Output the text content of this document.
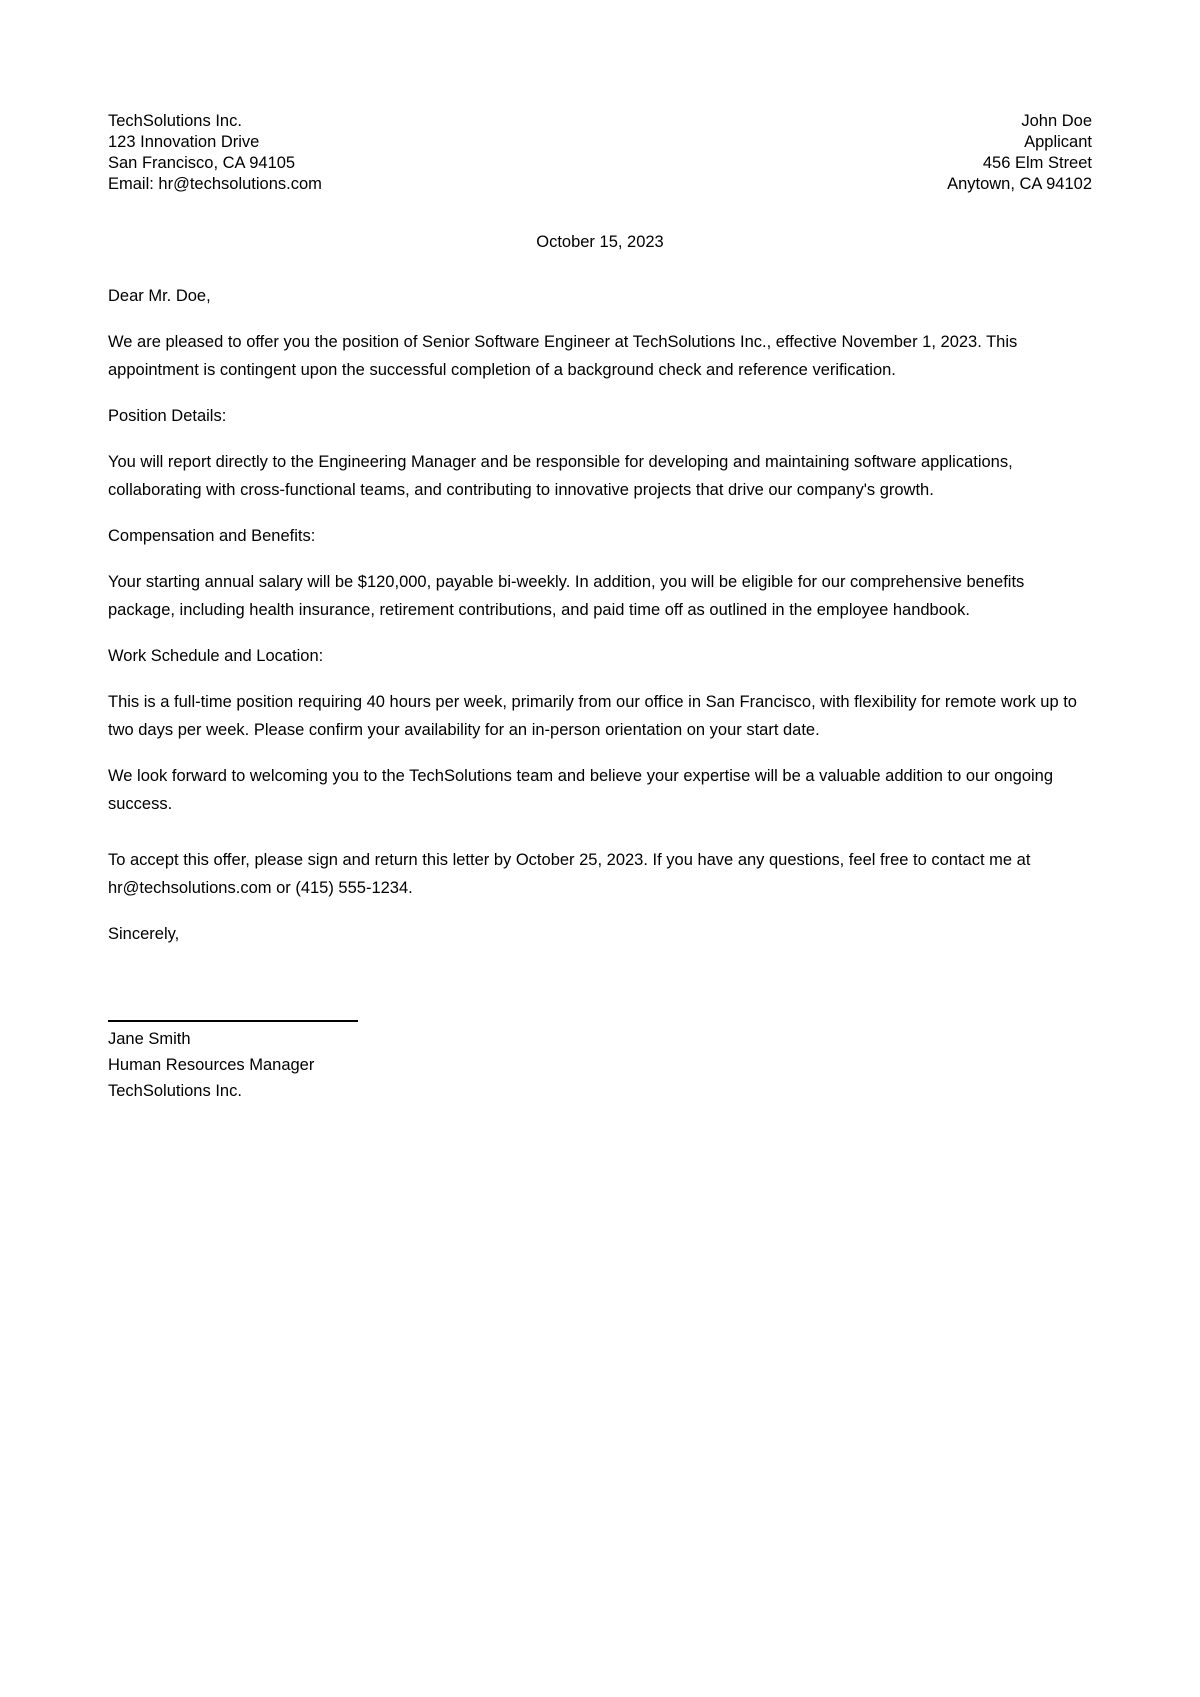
TechSolutions Inc.
123 Innovation Drive
San Francisco, CA 94105
Email: hr@techsolutions.com
John Doe
Applicant
456 Elm Street
Anytown, CA 94102
October 15, 2023

Dear Mr. Doe,

We are pleased to offer you the position of Senior Software Engineer at TechSolutions Inc., effective November 1, 2023. This appointment is contingent upon the successful completion of a background check and reference verification.

Position Details:

You will report directly to the Engineering Manager and be responsible for developing and maintaining software applications, collaborating with cross-functional teams, and contributing to innovative projects that drive our company's growth.

Compensation and Benefits:

Your starting annual salary will be $120,000, payable bi-weekly. In addition, you will be eligible for our comprehensive benefits package, including health insurance, retirement contributions, and paid time off as outlined in the employee handbook.

Work Schedule and Location:

This is a full-time position requiring 40 hours per week, primarily from our office in San Francisco, with flexibility for remote work up to two days per week. Please confirm your availability for an in-person orientation on your start date.

We look forward to welcoming you to the TechSolutions team and believe your expertise will be a valuable addition to our ongoing success.

To accept this offer, please sign and return this letter by October 25, 2023. If you have any questions, feel free to contact me at hr@techsolutions.com or (415) 555-1234.

Sincerely,

Jane Smith
Human Resources Manager
TechSolutions Inc.
